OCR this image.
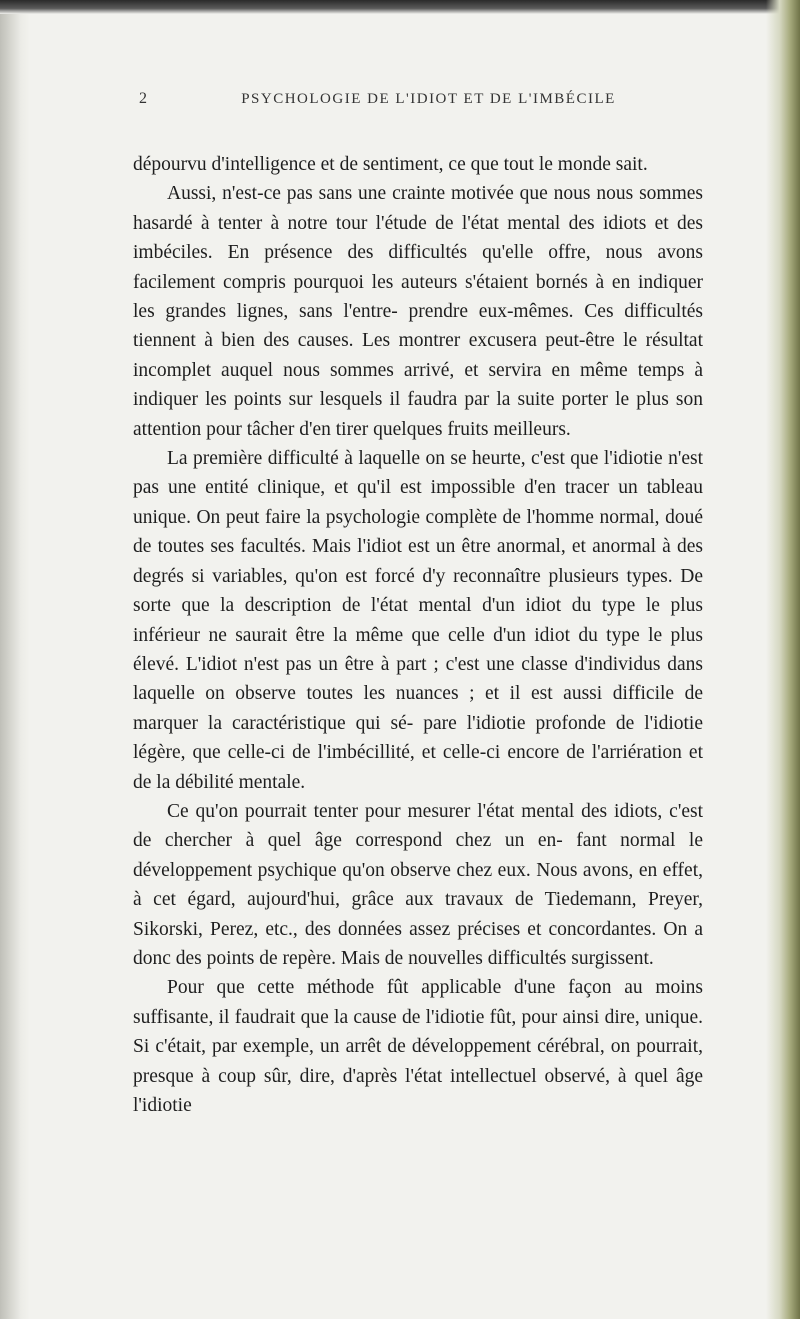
2	PSYCHOLOGIE DE L'IDIOT ET DE L'IMBÉCILE

dépourvu d'intelligence et de sentiment, ce que tout le monde sait.

Aussi, n'est-ce pas sans une crainte motivée que nous nous sommes hasardé à tenter à notre tour l'étude de l'état mental des idiots et des imbéciles. En présence des difficultés qu'elle offre, nous avons facilement compris pourquoi les auteurs s'étaient bornés à en indiquer les grandes lignes, sans l'entre- prendre eux-mêmes. Ces difficultés tiennent à bien des causes. Les montrer excusera peut-être le résultat incomplet auquel nous sommes arrivé, et servira en même temps à indiquer les points sur lesquels il faudra par la suite porter le plus son attention pour tâcher d'en tirer quelques fruits meilleurs.

La première difficulté à laquelle on se heurte, c'est que l'idiotie n'est pas une entité clinique, et qu'il est impossible d'en tracer un tableau unique. On peut faire la psychologie complète de l'homme normal, doué de toutes ses facultés. Mais l'idiot est un être anormal, et anormal à des degrés si variables, qu'on est forcé d'y reconnaître plusieurs types. De sorte que la description de l'état mental d'un idiot du type le plus inférieur ne saurait être la même que celle d'un idiot du type le plus élevé. L'idiot n'est pas un être à part ; c'est une classe d'individus dans laquelle on observe toutes les nuances ; et il est aussi difficile de marquer la caractéristique qui sé- pare l'idiotie profonde de l'idiotie légère, que celle-ci de l'imbécillité, et celle-ci encore de l'arriération et de la débilité mentale.

Ce qu'on pourrait tenter pour mesurer l'état mental des idiots, c'est de chercher à quel âge correspond chez un en- fant normal le développement psychique qu'on observe chez eux. Nous avons, en effet, à cet égard, aujourd'hui, grâce aux travaux de Tiedemann, Preyer, Sikorski, Perez, etc., des données assez précises et concordantes. On a donc des points de repère. Mais de nouvelles difficultés surgissent.

Pour que cette méthode fût applicable d'une façon au moins suffisante, il faudrait que la cause de l'idiotie fût, pour ainsi dire, unique. Si c'était, par exemple, un arrêt de développement cérébral, on pourrait, presque à coup sûr, dire, d'après l'état intellectuel observé, à quel âge l'idiotie
